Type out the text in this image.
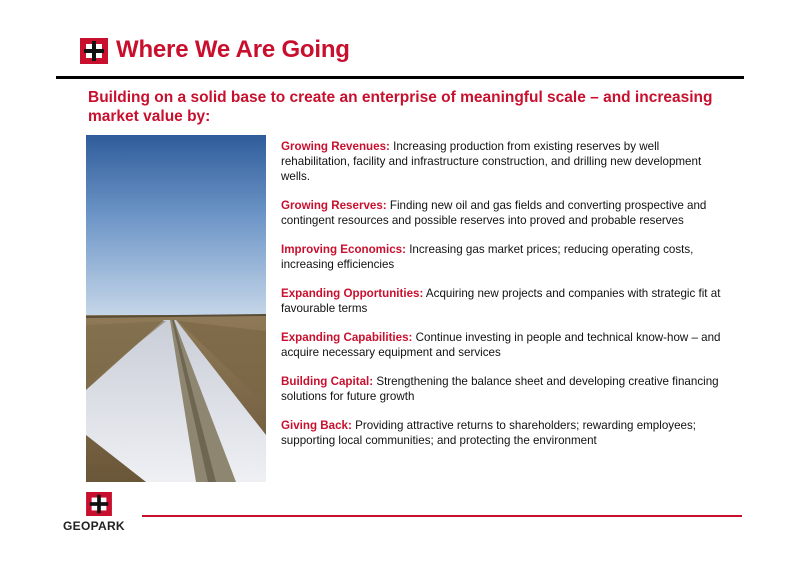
Where We Are Going

Building on a solid base to create an enterprise of meaningful scale – and increasing market value by:

Growing Revenues: Increasing production from existing reserves by well rehabilitation, facility and infrastructure construction, and drilling new development wells.

Growing Reserves: Finding new oil and gas fields and converting prospective and contingent resources and possible reserves into proved and probable reserves

Improving Economics: Increasing gas market prices; reducing operating costs, increasing efficiencies

Expanding Opportunities: Acquiring new projects and companies with strategic fit at favourable terms

Expanding Capabilities: Continue investing in people and technical know-how – and acquire necessary equipment and services

Building Capital: Strengthening the balance sheet and developing creative financing solutions for future growth

Giving Back: Providing attractive returns to shareholders; rewarding employees; supporting local communities; and protecting the environment

GEOPARK
